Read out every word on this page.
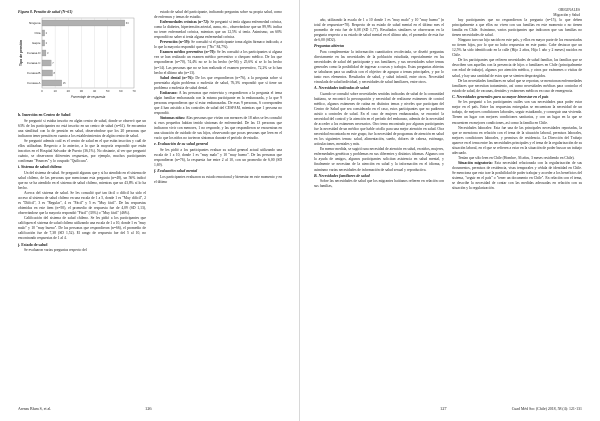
Figura 8. Pensión de salud (N=61)
0	10	20	30	40	50	60	70
Ninguna	63
Otra 2
Isapre 2
Fonasa D 3
Fonasa C	7
Fonasa B	8
Fonasa A	15
Tipo de pensión
Porcentaje de respuesta
h. Inserción en Centro de Salud

Se preguntó si estaba inscrito en algún centro de salud, donde se observó que un 63% de los participantes no está inscrito en un centro de salud (n=61). Se encuentra una similitud con la de pensión en salud, observándose que los 20 personas que indicaron tener pensión en cuanto a los establecimientos de algún centro de salud.

Se preguntó además cuál es el centro de salud en el que están inscritos y cuál de ellos utilizaban. Respecto a lo anterior, a lo que la mayoría respondió que están inscritos en el Hospital Salvador de Puerto (36,1%). No obstante, al ver que preguntó cuánto, se observaron diferentes respuestas, por ejemplo, muchos participantes confirman "Pounces" y lo ocupado "Quilicura".

i. Sistema de salud chileno

Un del sistema de salud. Se preguntó algunas que y si ha atendido en el sistema de salud chileno, de las personas que mencionan esta pregunta (n=48), un 56% indicó que no se ha atendido en el sistema de salud chileno, mientras que un 43,8% sí lo ha hecho.

Acerca del sistema de salud. Se les consultó qué tan fácil o difícil ha sido el acceso al sistema de salud chileno en una escala de 1 a 5, donde 1 es "Muy difícil", 2 es "Difícil", 3 es "Regular", 4 es "Fácil" y 5 es "Muy fácil". De las respuestas obtenidas en este ítem (n=50), el promedio de respuesta fue de 4,09 (SD 1,13), observándose que la mayoría respondió "Fácil" (33%) o "Muy fácil" (46%).

Calificación del sistema de salud chileno. Se les pidió a los participantes que califiquen el sistema de salud chileno utilizando una escala de 1 a 10, donde 1 es "muy malo" y 10 "muy bueno". De las personas que respondieron (n=66), el promedio de calificación fue de 7,38 (SD 1,52). El rango de respuesta fue del 5 al 10, no encontrando respuestas de 1 al 4.

j. Estado de salud

Se evaluaron varias preguntas respecto del

estado de salud del participante, indicando preguntas sobre su propia salud, como de enfermos y temas de estudio.

Enfermedades crónicas (n=72): Se preguntó si tenía alguna enfermedad crónica, como la diabetes, hipertensión arterial, asma, etc., observándose que un 89,9% indica no tener enfermedad crónica, mientras que un 12,5% sí tenía. Asimismo, un 60% respondió no saber si tenía alguna enfermedad crónica.

Prevención (n=59): Se consultó si el participante toma algún fármaco indicado, a lo que la mayoría respondió que no ("No" 84,7%).

Examen médico preventivo (n=70): Se les consultó a los participantes si alguna vez se han realizado un examen médico preventivo o chequeo médico. De los que respondieron (n=70), 74,4% no se lo ha hecho (n=56) y 25,6% sí se lo ha hecho (n=14). Las personas que no se han realizado el examen preventivo, 72,2% se lo han hecho el último año (n=13).

Salud dental (n=76): De los que respondieron (n=76), a la pregunta sobre si presentaba algún problema o molestia de salud, 76,3% respondió que sí tiene un problema o molestia de salud dental.

Embarazo: A las personas que entrevista y respondieron a la pregunta el tema algún familiar embarazada con la misma participante en la embarazada, y la que 9 personas respondieron que sí estar embarazadas. De esas 9 personas, 6 corresponden que 4 han asistido a los controles de salud del CESFAM, mientras que 1 persona no respondió.

Síntomas niños: Alas personas que vivían con menores de 18 años se les consultó si esos pequeños habían tenido síntomas de enfermedad. De las 13 personas que indicaron vivir con menores, 1 no responde, y las que respondieron se encuentran en una situación de cuidado de sus hijos, observando que pocas personas que leen en el vacío que los niños no tuvieron síntomas durante el período de estudio.

e. Evaluación de su salud general

Se les pidió a los participantes evaluar su salud general actual utilizando una escala de 1 a 10, donde 1 es "muy malo" y 10 "muy bueno". De las personas que respondieron (n=76), la respuesta fue entre 2 al 10, con un promedio de 6,00 (SD 1,69).

f. Evaluación salud mental

Los participantes evaluaron su estado emocional y bienestar en este momento y en el último

Arenas Blum S, et al.	126
ORIGINALES
Migración y Salud

año, utilizando la escala de 1 a 10 donde 1 es "muy malo" y 10 "muy bueno" (n total de respuestas=70). Respecto de su estado de salud mental en el último mes el promedio de esta fue de 6,08 (SD 1,77). Resultados similares se observaron en la pregunta respecto a su estado de salud mental en el último año, el promedio de esta fue de 6,00 (SD2).

Preguntas abiertas

Para complementar la información cuantitativa recolectada, se diseñó preguntas directamente en las necesidades de la población estudiada, especialmente en las necesidades de salud del participante y sus familiares, y sus necesidades sobre temas generales como la posibilidad de ingresar a cursos y trabajos. Estas preguntas abiertas se tabularon para su análisis con el objetivo de agrupar a temas principales, y por lo tanto esos elementos. Resultados de salud, y salud infantil, entre otros. Necesidad vinculada de salud individual, y necesidades de salud familiares, entre otros.

A. Necesidades indicadas de salud

Cuando se consultó sobre necesidades sentidas indicadas de salud de la comunidad haitiana, se encontró la preocupación y necesidad de realizarse exámenes de control médico, algunos exámenes de rutina en distintos temas y niveles que participan del Centro de Salud que sea considerado en el caso, estos participantes que no pudieron asistir a controles de salud. En el caso de mujeres embarazadas, se encontró la necesidad del control y la atención en el período del embarazo, además de la necesidad de acceder a los exámenes necesarios. Otro tema encontrado por algunos participantes fue la necesidad de un médico que hable criollo para una mejor atención en salud. Otra necesidad encontrada en este grupo, fue la necesidad de programas de atención en salud en los siguientes temas: salud, alimentación, sueño, dolores de cabeza, estómago, articulaciones, mentales y más.

En menor medida, se sugirió una necesidad de atención en salud, en niños, mujeres, enfermedades genéticas y problemas en sus diferentes y distintos idiomas. Algunos con la ayuda de amigos, algunos participantes solicitan asistencia en salud mental, y finalmente se necesitan de la atención en salud y la información en el idioma, y asimismo varias necesidades de información de salud sexual y reproductiva.

B. Necesidades familiares de salud

Sobre las necesidades de salud que los migrantes haitianos refieren en relación con sus familias,

hay participantes que no respondieron la pregunta (n=15), lo que deben principalmente a que ellos no viven con sus familias en este momento o no tienen familia en Chile. Asimismo, varios participantes que indicaron que sus familias no tienen necesidades de salud.

Ninguno tuvo un hijo nacido en este país, y ellos en mayor parte de los encuestados no tienen hijos, por lo que no hubo respuestas en este punto. Cabe destacar que un 12,5% ha sido identificado en la calle (Hijo 2 años, Hija 1 año y 2 meses) nacidos en Chile.

De los participantes que refieren necesidades de salud familiar, las familias que se describen son aquellas con la presencia de hijos o familiares en Chile (principalmente con edad de trabajo), algunos por atención médica, y otros por exámenes o visitas de salud, y hay una cantidad de estos que se sienten desprotegidos.

De las necesidades familiares en salud que se reportan, se mencionan enfermedades familiares que necesitan tratamiento, así como necesidades médicas para controlar el estado de salud, de vacunas, dentales y exámenes médicos en caso de emergencia.

C. Necesidades generales para su mayor bienestar en el país

Se les preguntó a los participantes cuáles son sus necesidades para poder estar mejor en el país. Entre las respuestas entregadas se encuentran la necesidad de un trabajo, de mejores condiciones laborales, seguir estudiando, y conseguir una vivienda. Tienen un lugar con mejores condiciones sanitarias, y con un lugar en la que se encuentren en mejores condiciones, así como la familia en Chile.

Necesidades laborales: Esta fue una de las principales necesidades reportadas, la que se menciona en relación con el tema de la situación laboral, permisos laborales, mejores condiciones laborales, y permisos de residencia. La Dirección del Trabajo aparece en el tema entre las necesidades principales y el tema de la regularización de su situación laboral, en el que se refieren a estar en la situación de poder buscar un trabajo adecuado.

Tenían que sólo leen en Chile (Hombre, 36 años, 3 meses residiendo en Chile).

Situación migratoria: Esta necesidad relacionada con la regularización de sus documentos, permisos de residencia, visas temporales y cédula de identidad en Chile. Se menciona que esto trae la posibilidad de poder trabajar y acceder a los beneficios del sistema, "seguir en el país" o "tener un documento en Chile". En relación con el tema, se describe la necesidad de contar con las medidas adecuadas en relación con su situación y la regularización.

127	Cuad Méd Soc (Chile) 2018, 58 (4): 121-131
